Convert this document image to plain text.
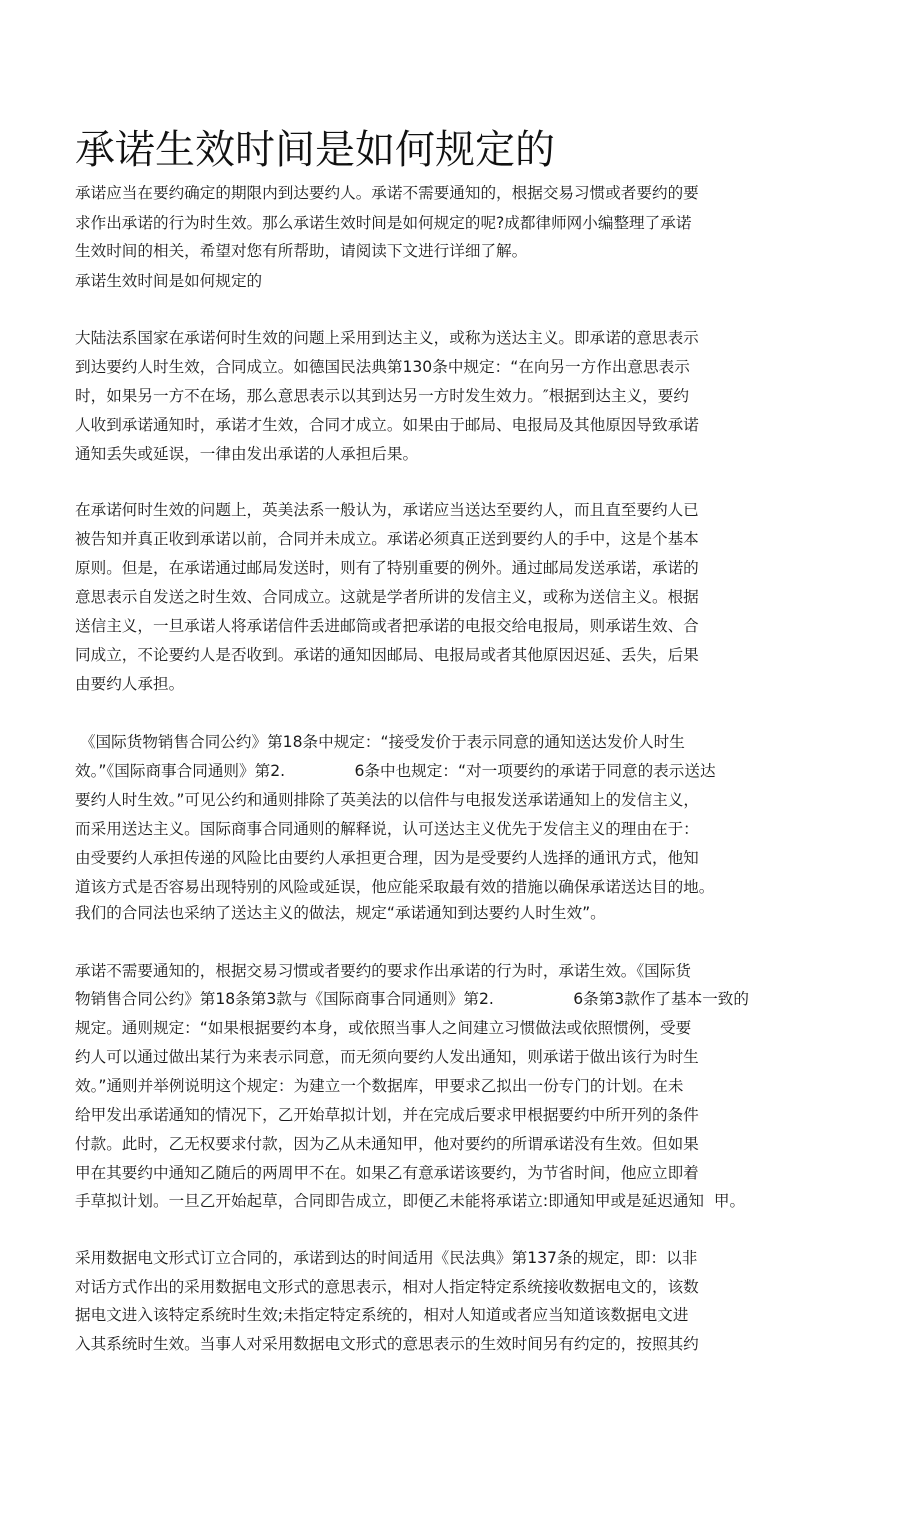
承诺生效时间是如何规定的
承诺应当在要约确定的期限内到达要约人。承诺不需要通知的，根据交易习惯或者要约的要
求作出承诺的行为时生效。那么承诺生效时间是如何规定的呢?成都律师网小编整理了承诺
生效时间的相关，希望对您有所帮助，请阅读下文进行详细了解。
承诺生效时间是如何规定的
大陆法系国家在承诺何时生效的问题上采用到达主义，或称为送达主义。即承诺的意思表示
到达要约人时生效，合同成立。如德国民法典第130条中规定：“在向另一方作出意思表示
时，如果另一方不在场，那么意思表示以其到达另一方时发生效力。″根据到达主义，要约
人收到承诺通知时，承诺才生效，合同才成立。如果由于邮局、电报局及其他原因导致承诺
通知丢失或延误，一律由发出承诺的人承担后果。
在承诺何时生效的问题上，英美法系一般认为，承诺应当送达至要约人，而且直至要约人已
被告知并真正收到承诺以前，合同并未成立。承诺必须真正送到要约人的手中，这是个基本
原则。但是，在承诺通过邮局发送时，则有了特别重要的例外。通过邮局发送承诺，承诺的
意思表示自发送之时生效、合同成立。这就是学者所讲的发信主义，或称为送信主义。根据
送信主义，一旦承诺人将承诺信件丢进邮筒或者把承诺的电报交给电报局，则承诺生效、合
同成立，不论要约人是否收到。承诺的通知因邮局、电报局或者其他原因迟延、丢失，后果
由要约人承担。
《国际货物销售合同公约》第18条中规定：“接受发价于表示同意的通知送达发价人时生
效。”《国际商事合同通则》第2.              6条中也规定：“对一项要约的承诺于同意的表示送达
要约人时生效。”可见公约和通则排除了英美法的以信件与电报发送承诺通知上的发信主义，
而采用送达主义。国际商事合同通则的解释说，认可送达主义优先于发信主义的理由在于：
由受要约人承担传递的风险比由要约人承担更合理，因为是受要约人选择的通讯方式，他知
道该方式是否容易出现特别的风险或延误，他应能采取最有效的措施以确保承诺送达目的地。
我们的合同法也采纳了送达主义的做法，规定“承诺通知到达要约人时生效”。
承诺不需要通知的，根据交易习惯或者要约的要求作出承诺的行为时，承诺生效。《国际货
物销售合同公约》第18条第3款与《国际商事合同通则》第2.                6条第3款作了基本一致的
规定。通则规定：“如果根据要约本身，或依照当事人之间建立习惯做法或依照惯例，受要
约人可以通过做出某行为来表示同意，而无须向要约人发出通知，则承诺于做出该行为时生
效。”通则并举例说明这个规定：为建立一个数据库，甲要求乙拟出一份专门的计划。在未
给甲发出承诺通知的情况下，乙开始草拟计划，并在完成后要求甲根据要约中所开列的条件
付款。此时，乙无权要求付款，因为乙从未通知甲，他对要约的所谓承诺没有生效。但如果
甲在其要约中通知乙随后的两周甲不在。如果乙有意承诺该要约，为节省时间，他应立即着
手草拟计划。一旦乙开始起草，合同即告成立，即便乙未能将承诺立:即通知甲或是延迟通知  甲。
采用数据电文形式订立合同的，承诺到达的时间适用《民法典》第137条的规定，即：以非
对话方式作出的采用数据电文形式的意思表示，相对人指定特定系统接收数据电文的，该数
据电文进入该特定系统时生效;未指定特定系统的，相对人知道或者应当知道该数据电文进
入其系统时生效。当事人对采用数据电文形式的意思表示的生效时间另有约定的，按照其约
